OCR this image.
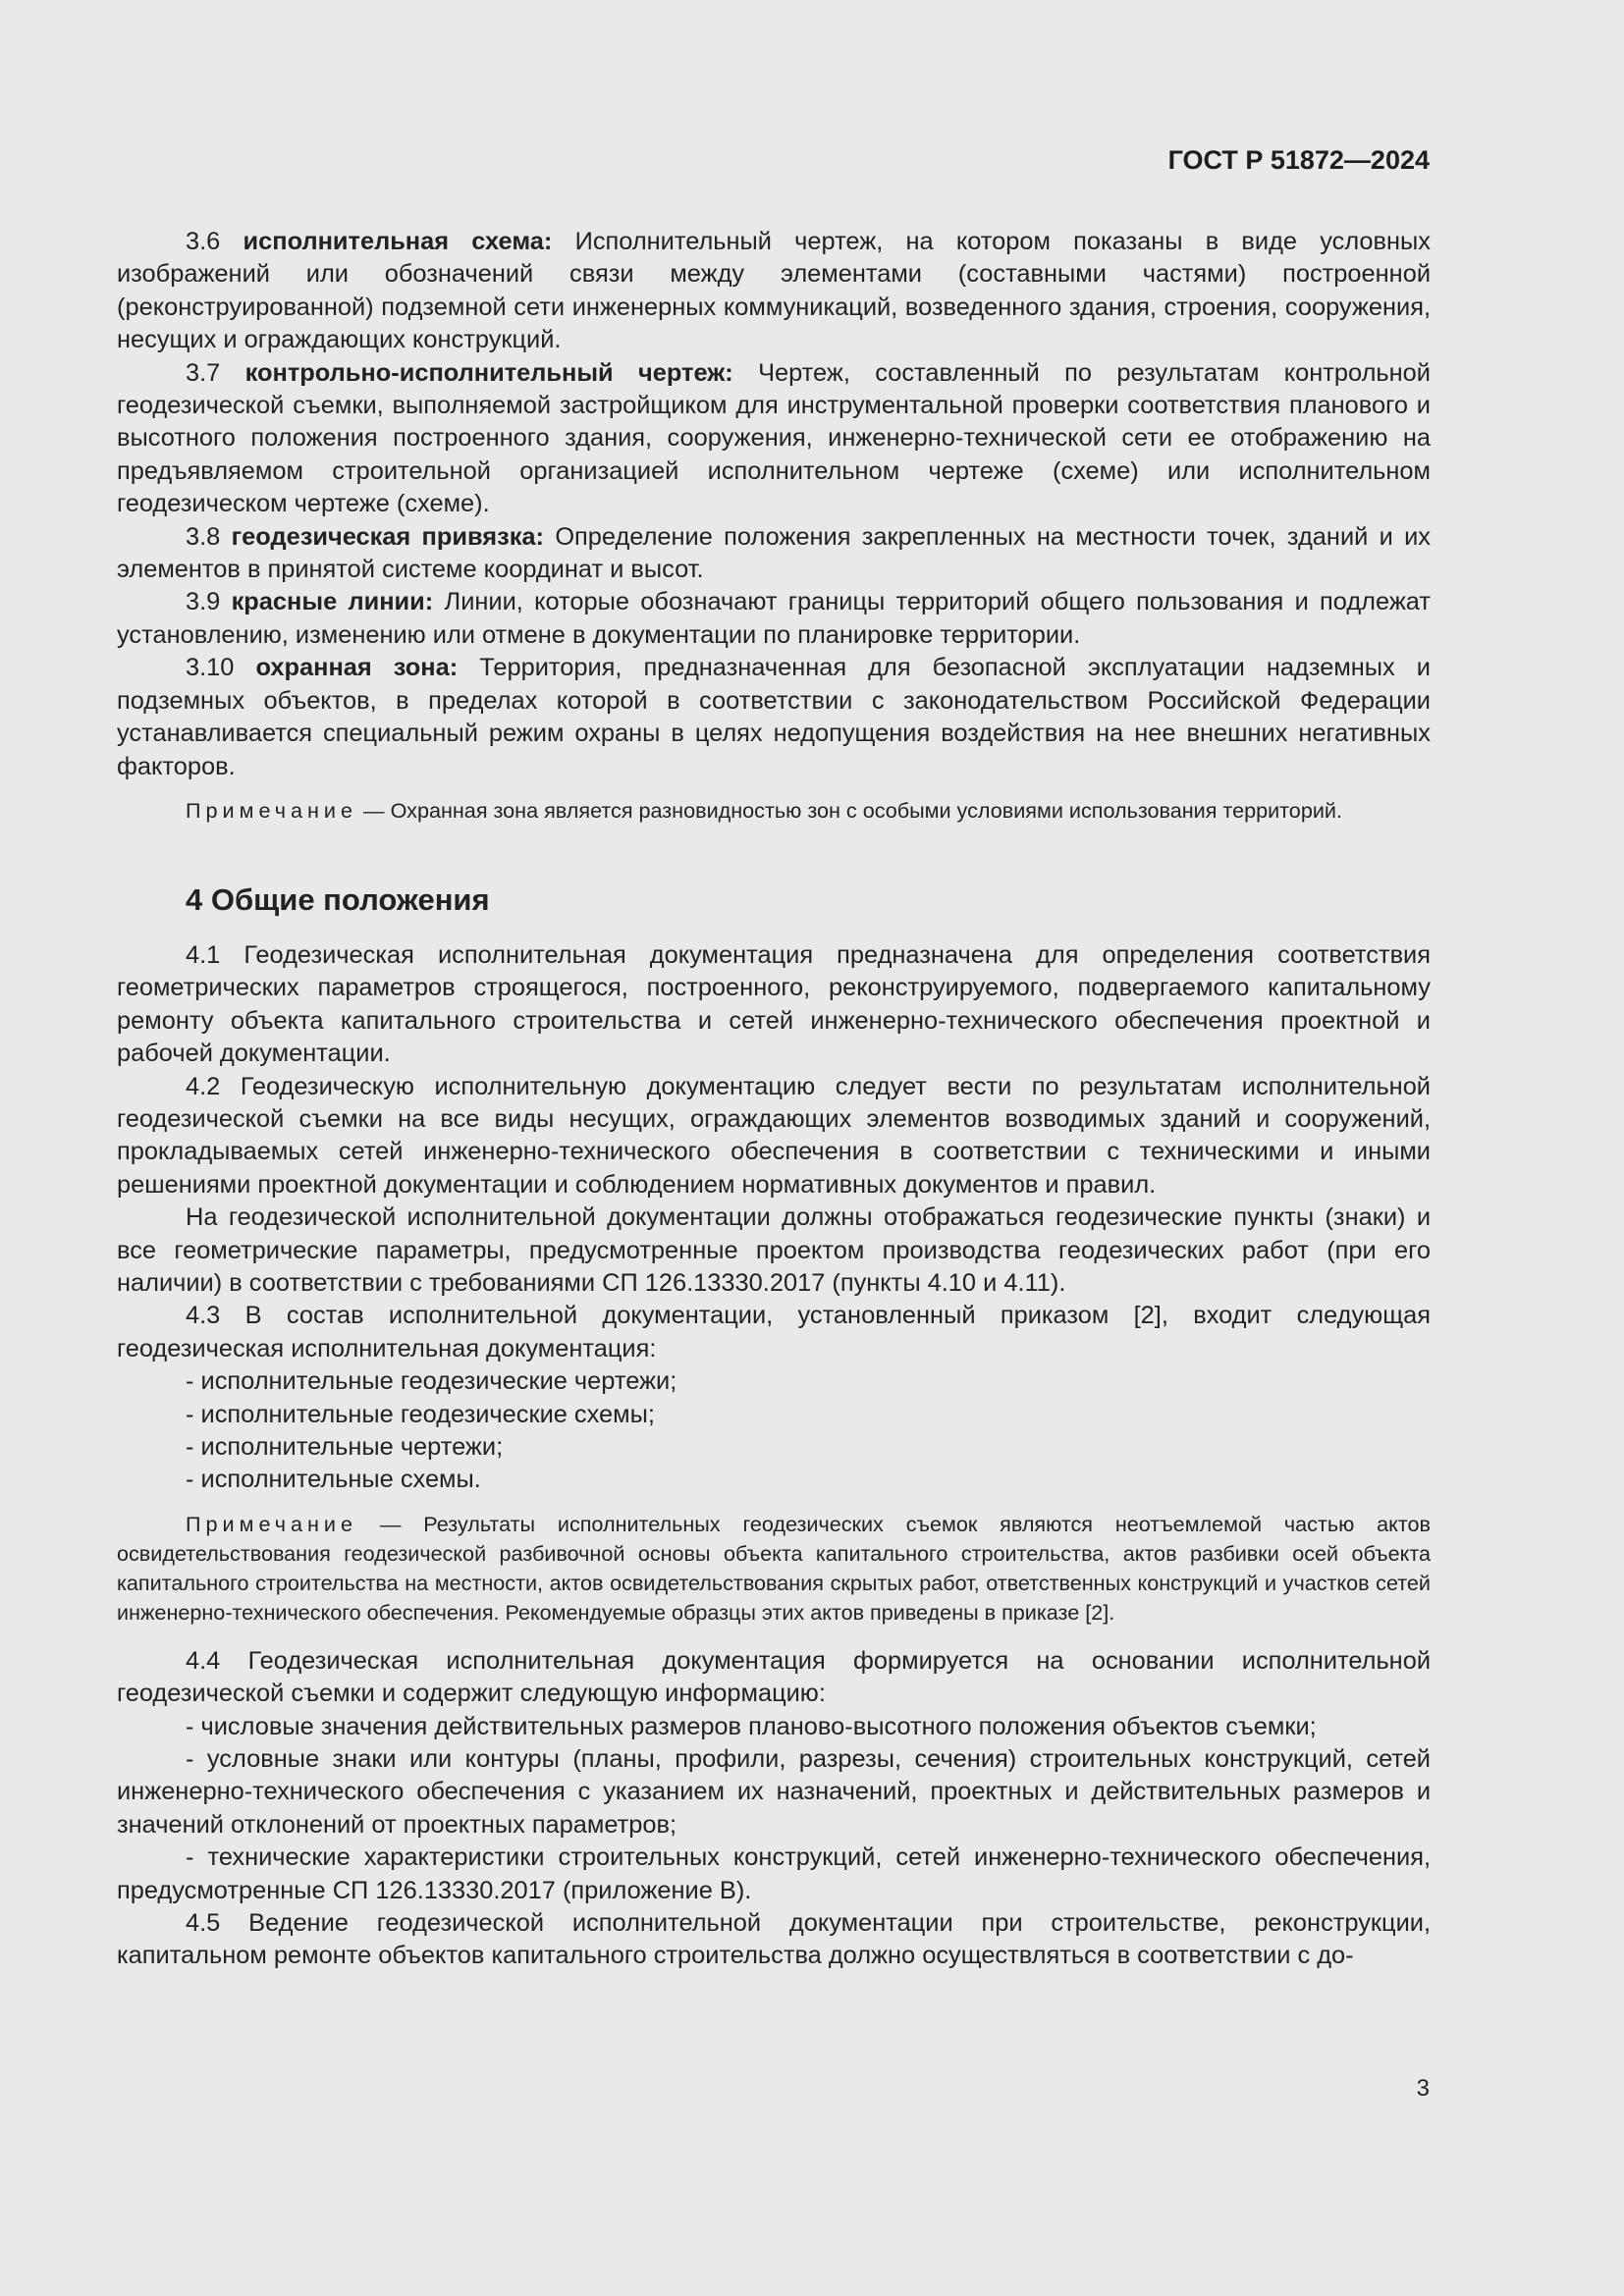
ГОСТ Р 51872—2024

3.6 исполнительная схема: Исполнительный чертеж, на котором показаны в виде условных изображений или обозначений связи между элементами (составными частями) построенной (реконструированной) подземной сети инженерных коммуникаций, возведенного здания, строения, сооружения, несущих и ограждающих конструкций.

3.7 контрольно-исполнительный чертеж: Чертеж, составленный по результатам контрольной геодезической съемки, выполняемой застройщиком для инструментальной проверки соответствия планового и высотного положения построенного здания, сооружения, инженерно-технической сети ее отображению на предъявляемом строительной организацией исполнительном чертеже (схеме) или исполнительном геодезическом чертеже (схеме).

3.8 геодезическая привязка: Определение положения закрепленных на местности точек, зданий и их элементов в принятой системе координат и высот.

3.9 красные линии: Линии, которые обозначают границы территорий общего пользования и подлежат установлению, изменению или отмене в документации по планировке территории.

3.10 охранная зона: Территория, предназначенная для безопасной эксплуатации надземных и подземных объектов, в пределах которой в соответствии с законодательством Российской Федерации устанавливается специальный режим охраны в целях недопущения воздействия на нее внешних негативных факторов.

Примечание — Охранная зона является разновидностью зон с особыми условиями использования территорий.

4 Общие положения

4.1 Геодезическая исполнительная документация предназначена для определения соответствия геометрических параметров строящегося, построенного, реконструируемого, подвергаемого капитальному ремонту объекта капитального строительства и сетей инженерно-технического обеспечения проектной и рабочей документации.

4.2 Геодезическую исполнительную документацию следует вести по результатам исполнительной геодезической съемки на все виды несущих, ограждающих элементов возводимых зданий и сооружений, прокладываемых сетей инженерно-технического обеспечения в соответствии с техническими и иными решениями проектной документации и соблюдением нормативных документов и правил.

На геодезической исполнительной документации должны отображаться геодезические пункты (знаки) и все геометрические параметры, предусмотренные проектом производства геодезических работ (при его наличии) в соответствии с требованиями СП 126.13330.2017 (пункты 4.10 и 4.11).

4.3 В состав исполнительной документации, установленный приказом [2], входит следующая геодезическая исполнительная документация:

- исполнительные геодезические чертежи;

- исполнительные геодезические схемы;

- исполнительные чертежи;

- исполнительные схемы.

Примечание — Результаты исполнительных геодезических съемок являются неотъемлемой частью актов освидетельствования геодезической разбивочной основы объекта капитального строительства, актов разбивки осей объекта капитального строительства на местности, актов освидетельствования скрытых работ, ответственных конструкций и участков сетей инженерно-технического обеспечения. Рекомендуемые образцы этих актов приведены в приказе [2].

4.4 Геодезическая исполнительная документация формируется на основании исполнительной геодезической съемки и содержит следующую информацию:

- числовые значения действительных размеров планово-высотного положения объектов съемки;

- условные знаки или контуры (планы, профили, разрезы, сечения) строительных конструкций, сетей инженерно-технического обеспечения с указанием их назначений, проектных и действительных размеров и значений отклонений от проектных параметров;

- технические характеристики строительных конструкций, сетей инженерно-технического обеспечения, предусмотренные СП 126.13330.2017 (приложение В).

4.5 Ведение геодезической исполнительной документации при строительстве, реконструкции, капитальном ремонте объектов капитального строительства должно осуществляться в соответствии с до-

3
